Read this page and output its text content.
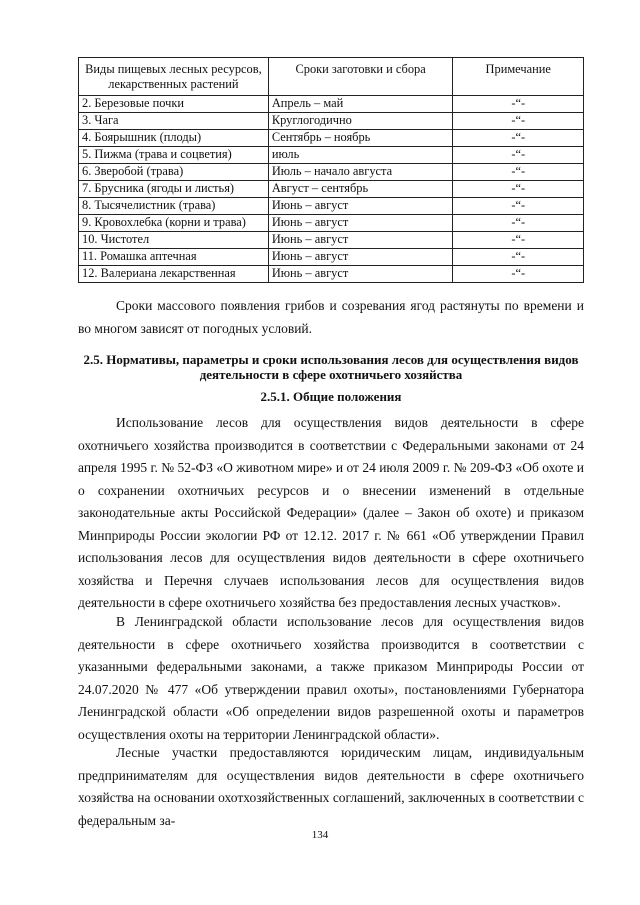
Виды пищевых лесных ресурсов, лекарственных растений	Сроки заготовки и сбора	Примечание
2. Березовые почки	Апрель – май	-“-
3. Чага	Круглогодично	-“-
4. Боярышник (плоды)	Сентябрь – ноябрь	-“-
5. Пижма (трава и соцветия)	июль	-“-
6. Зверобой (трава)	Июль – начало августа	-“-
7. Брусника (ягоды и листья)	Август – сентябрь	-“-
8. Тысячелистник (трава)	Июнь – август	-“-
9. Кровохлебка (корни и трава)	Июнь – август	-“-
10. Чистотел	Июнь – август	-“-
11. Ромашка аптечная	Июнь – август	-“-
12. Валериана лекарственная	Июнь – август	-“-

Сроки массового появления грибов и созревания ягод растянуты по времени и во многом зависят от погодных условий.

2.5. Нормативы, параметры и сроки использования лесов для осуществления видов деятельности в сфере охотничьего хозяйства

2.5.1. Общие положения

Использование лесов для осуществления видов деятельности в сфере охотничьего хозяйства производится в соответствии с Федеральными законами от 24 апреля 1995 г. № 52-ФЗ «О животном мире» и от 24 июля 2009 г. № 209-ФЗ «Об охоте и о сохранении охотничьих ресурсов и о внесении изменений в отдельные законодательные акты Российской Федерации» (далее – Закон об охоте) и приказом Минприроды России экологии РФ от 12.12. 2017 г. № 661 «Об утверждении Правил использования лесов для осуществления видов деятельности в сфере охотничьего хозяйства и Перечня случаев использования лесов для осуществления видов деятельности в сфере охотничьего хозяйства без предоставления лесных участков».

В Ленинградской области использование лесов для осуществления видов деятельности в сфере охотничьего хозяйства производится в соответствии с указанными федеральными законами, а также приказом Минприроды России от 24.07.2020 № 477 «Об утверждении правил охоты», постановлениями Губернатора Ленинградской области «Об определении видов разрешенной охоты и параметров осуществления охоты на территории Ленинградской области».

Лесные участки предоставляются юридическим лицам, индивидуальным предпринимателям для осуществления видов деятельности в сфере охотничьего хозяйства на основании охотхозяйственных соглашений, заключенных в соответствии с федеральным за-

134
